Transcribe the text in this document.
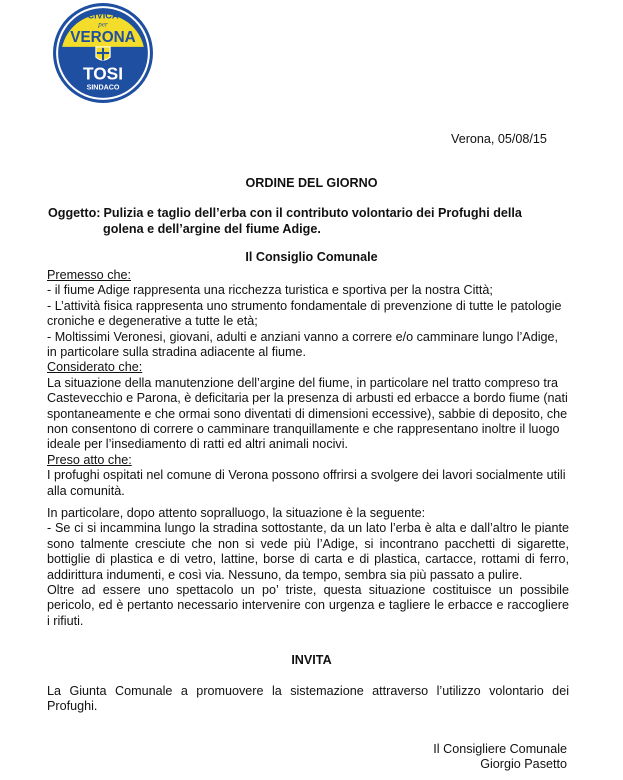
CIVICA
per
VERONA
TOSI
SINDACO

Verona, 05/08/15

ORDINE DEL GIORNO

Oggetto: Pulizia e taglio dell’erba con il contributo volontario dei Profughi della
golena e dell’argine del fiume Adige.

Il Consiglio Comunale

Premesso che:

- il fiume Adige rappresenta una ricchezza turistica e sportiva per la nostra Città;

- L’attività fisica rappresenta uno strumento fondamentale di prevenzione di tutte le patologie croniche e degenerative a tutte le età;

- Moltissimi Veronesi, giovani, adulti e anziani vanno a correre e/o camminare lungo l’Adige, in particolare sulla stradina adiacente al fiume.

Considerato che:

La situazione della manutenzione dell’argine del fiume, in particolare nel tratto compreso tra Castevecchio e Parona, è deficitaria per la presenza di arbusti ed erbacce a bordo fiume (nati spontaneamente e che ormai sono diventati di dimensioni eccessive), sabbie di deposito, che non consentono di correre o camminare tranquillamente e che rappresentano inoltre il luogo ideale per l’insediamento di ratti ed altri animali nocivi.

Preso atto che:

I profughi ospitati nel comune di Verona possono offrirsi a svolgere dei lavori socialmente utili alla comunità.

In particolare, dopo attento sopralluogo, la situazione è la seguente:

- Se ci si incammina lungo la stradina sottostante, da un lato l’erba è alta e dall’altro le piante sono talmente cresciute che non si vede più l’Adige, si incontrano pacchetti di sigarette, bottiglie di plastica e di vetro, lattine, borse di carta e di plastica, cartacce, rottami di ferro, addirittura indumenti, e così via. Nessuno, da tempo, sembra sia più passato a pulire.

Oltre ad essere uno spettacolo un po’ triste, questa situazione costituisce un possibile pericolo, ed è pertanto necessario intervenire con urgenza e tagliere le erbacce e raccogliere i rifiuti.

INVITA

La Giunta Comunale a promuovere la sistemazione attraverso l’utilizzo volontario dei Profughi.

Il Consigliere Comunale
Giorgio Pasetto
